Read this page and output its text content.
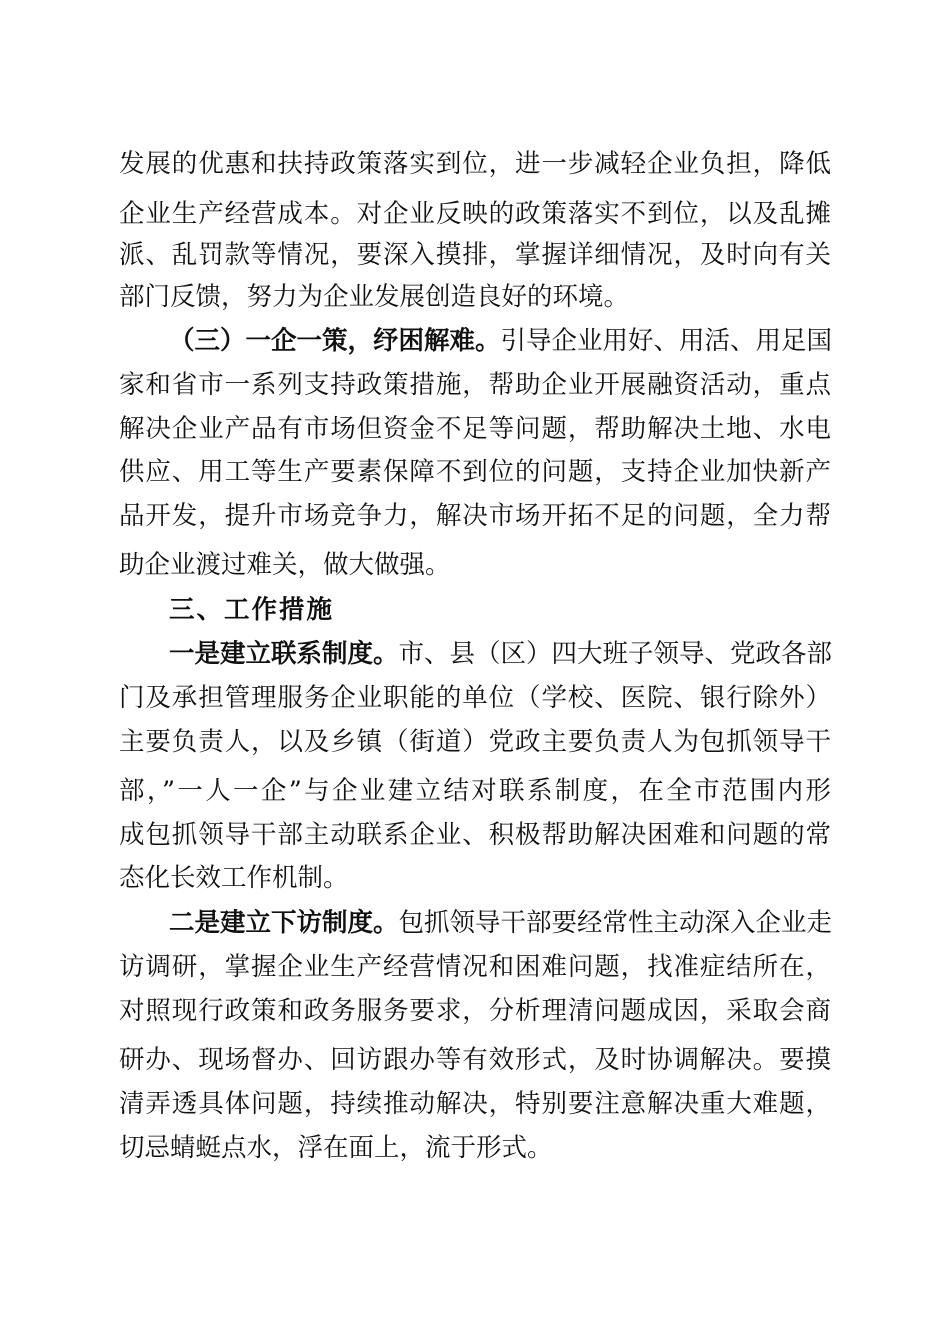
发展的优惠和扶持政策落实到位，进一步减轻企业负担，降低
企业生产经营成本。对企业反映的政策落实不到位，以及乱摊
派、乱罚款等情况，要深入摸排，掌握详细情况，及时向有关
部门反馈，努力为企业发展创造良好的环境。
（三）一企一策，纾困解难。引导企业用好、用活、用足国
家和省市一系列支持政策措施，帮助企业开展融资活动，重点
解决企业产品有市场但资金不足等问题，帮助解决土地、水电
供应、用工等生产要素保障不到位的问题，支持企业加快新产
品开发，提升市场竞争力，解决市场开拓不足的问题，全力帮
助企业渡过难关，做大做强。
三、工作措施
一是建立联系制度。市、县（区）四大班子领导、党政各部
门及承担管理服务企业职能的单位（学校、医院、银行除外）
主要负责人，以及乡镇（街道）党政主要负责人为包抓领导干
部，”一人一企”与企业建立结对联系制度，在全市范围内形
成包抓领导干部主动联系企业、积极帮助解决困难和问题的常
态化长效工作机制。
二是建立下访制度。包抓领导干部要经常性主动深入企业走
访调研，掌握企业生产经营情况和困难问题，找准症结所在，
对照现行政策和政务服务要求，分析理清问题成因，采取会商
研办、现场督办、回访跟办等有效形式，及时协调解决。要摸
清弄透具体问题，持续推动解决，特别要注意解决重大难题，
切忌蜻蜓点水，浮在面上，流于形式。
